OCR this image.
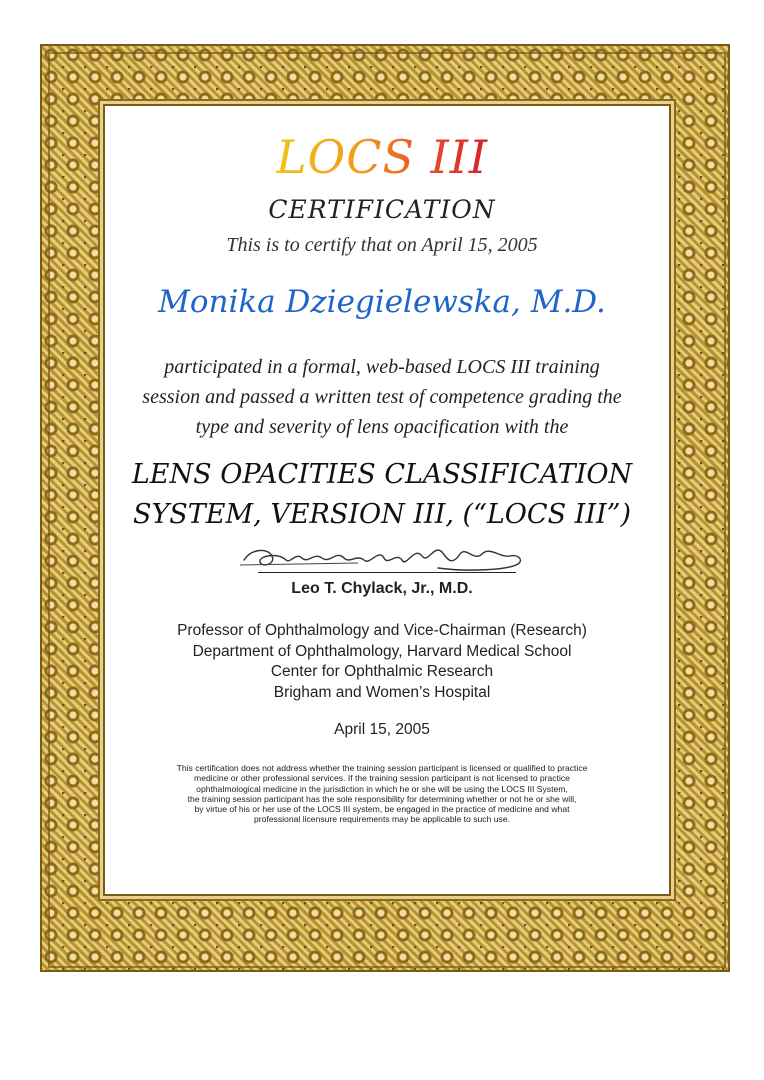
LOCS III
CERTIFICATION
This is to certify that on April 15, 2005
Monika Dziegielewska, M.D.
participated in a formal, web-based LOCS III training
session and passed a written test of competence grading the
type and severity of lens opacification with the
LENS OPACITIES CLASSIFICATION
SYSTEM, VERSION III, (“LOCS III”)
Leo T. Chylack, Jr., M.D.
Professor of Ophthalmology and Vice-Chairman (Research)
Department of Ophthalmology, Harvard Medical School
Center for Ophthalmic Research
Brigham and Women’s Hospital
April 15, 2005
This certification does not address whether the training session participant is licensed or qualified to practice
medicine or other professional services. If the training session participant is not licensed to practice
ophthalmological medicine in the jurisdiction in which he or she will be using the LOCS III System,
the training session participant has the sole responsibility for determining whether or not he or she will,
by virtue of his or her use of the LOCS III system, be engaged in the practice of medicine and what
professional licensure requirements may be applicable to such use.
